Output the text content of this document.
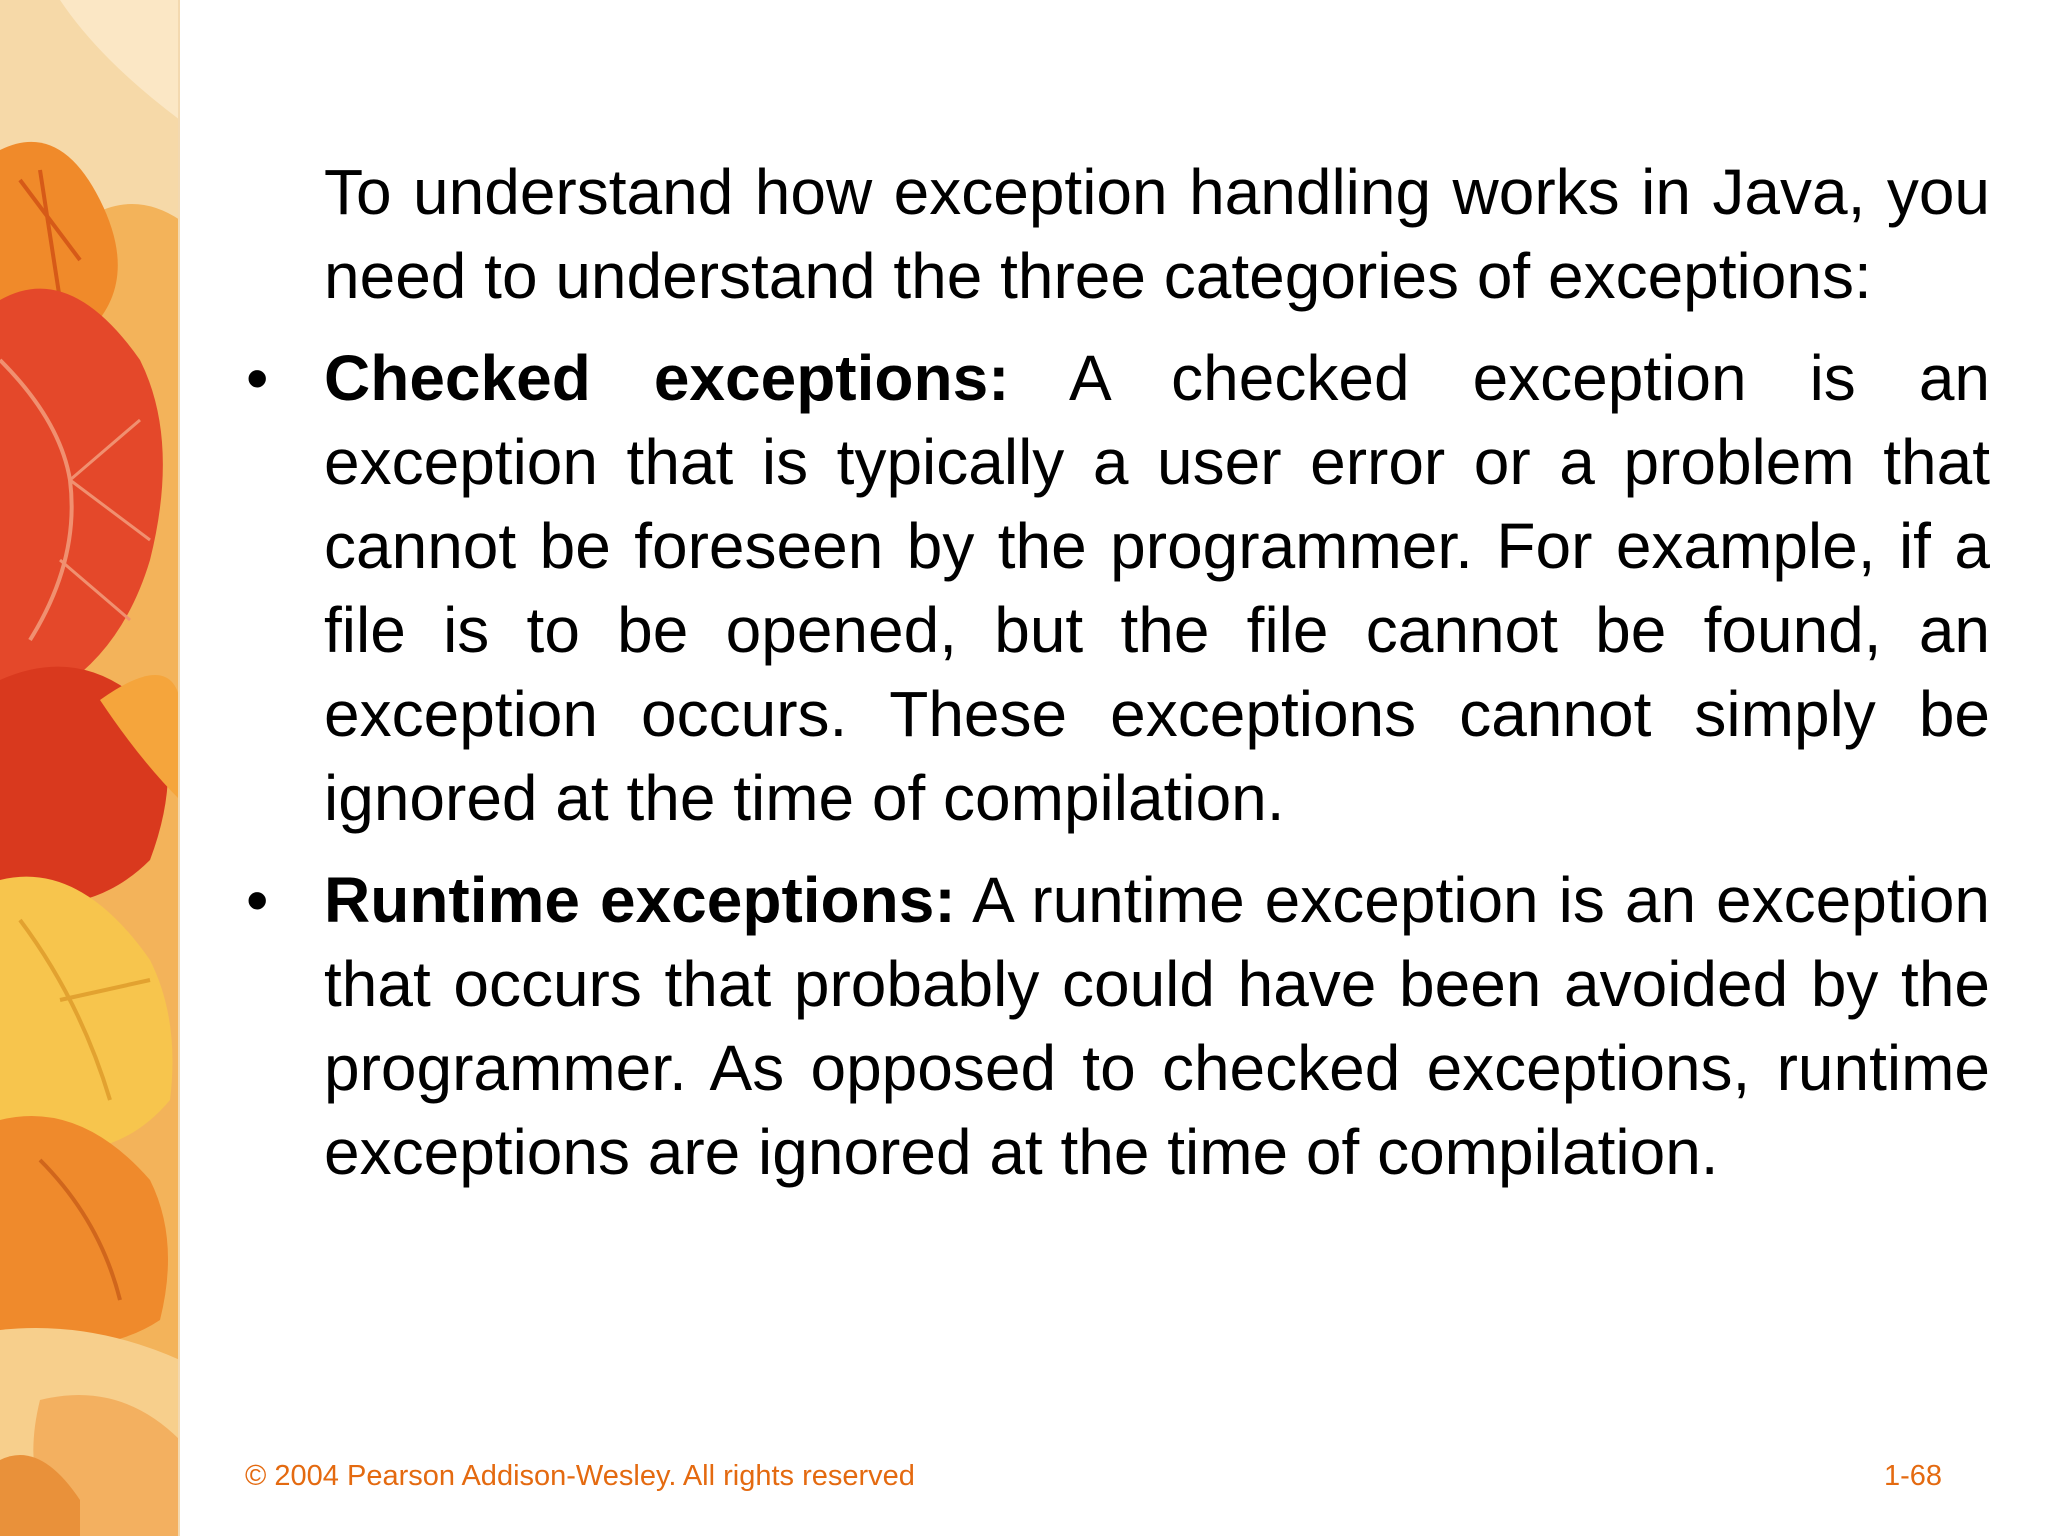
To understand how exception handling works in Java, you need to understand the three categories of exceptions:

• Checked exceptions: A checked exception is an exception that is typically a user error or a problem that cannot be foreseen by the programmer. For example, if a file is to be opened, but the file cannot be found, an exception occurs. These exceptions cannot simply be ignored at the time of compilation.

• Runtime exceptions: A runtime exception is an exception that occurs that probably could have been avoided by the programmer. As opposed to checked exceptions, runtime exceptions are ignored at the time of compilation.

© 2004 Pearson Addison-Wesley. All rights reserved	1-68
